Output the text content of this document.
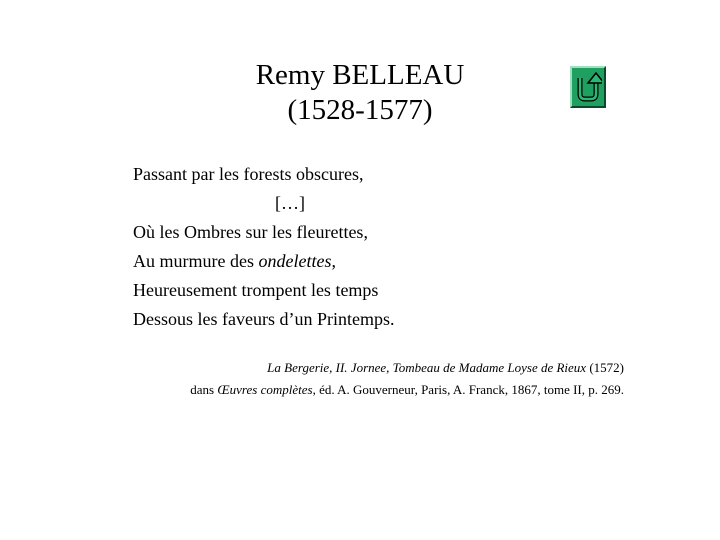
Remy BELLEAU
(1528-1577)
Passant par les forests obscures,
[…]
Où les Ombres sur les fleurettes,
Au murmure des ondelettes,
Heureusement trompent les temps
Dessous les faveurs d’un Printemps.
La Bergerie, II. Jornee, Tombeau de Madame Loyse de Rieux (1572)
dans Œuvres complètes, éd. A. Gouverneur, Paris, A. Franck, 1867, tome II, p. 269.
